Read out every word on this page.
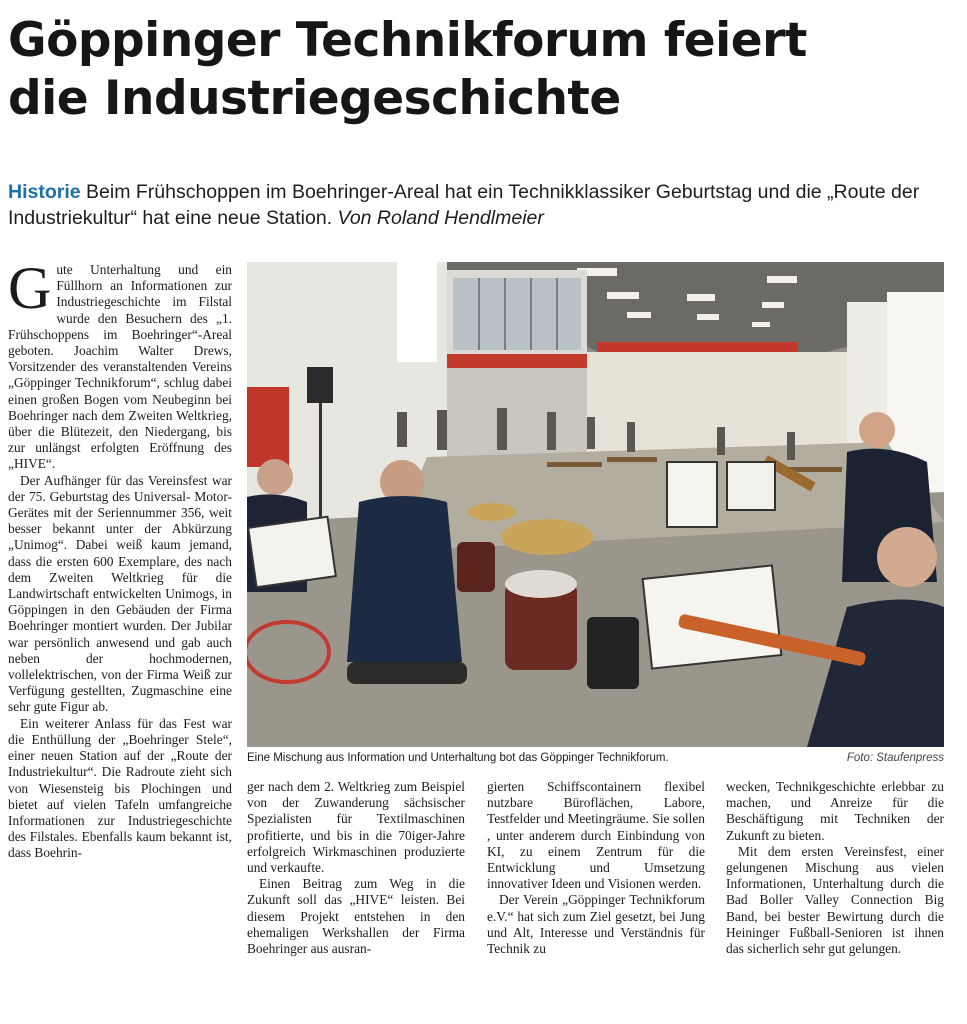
Göppinger Technikforum feiert
die Industriegeschichte
Historie Beim Frühschoppen im Boehringer-Areal hat ein Technikklassiker Geburtstag und die „Route der Industriekultur“ hat eine neue Station. Von Roland Hendlmeier

Gute Unterhaltung und ein Füllhorn an Informationen zur Industriegeschichte im Filstal wurde den Besuchern des „1. Frühschoppens im Boehringer“-Areal geboten. Joachim Walter Drews, Vorsitzender des veranstaltenden Vereins „Göppinger Technikforum“, schlug dabei einen großen Bogen vom Neubeginn bei Boehringer nach dem Zweiten Weltkrieg, über die Blütezeit, den Niedergang, bis zur unlängst erfolgten Eröffnung des „HIVE“.

Der Aufhänger für das Vereinsfest war der 75. Geburtstag des Universal- Motor-Gerätes mit der Seriennummer 356, weit besser bekannt unter der Abkürzung „Unimog“. Dabei weiß kaum jemand, dass die ersten 600 Exemplare, des nach dem Zweiten Weltkrieg für die Landwirtschaft entwickelten Unimogs, in Göppingen in den Gebäuden der Firma Boehringer montiert wurden. Der Jubilar war persönlich anwesend und gab auch neben der hochmodernen, vollelektrischen, von der Firma Weiß zur Verfügung gestellten, Zugmaschine eine sehr gute Figur ab.

Ein weiterer Anlass für das Fest war die Enthüllung der „Boehringer Stele“, einer neuen Station auf der „Route der Industriekultur“. Die Radroute zieht sich von Wiesensteig bis Plochingen und bietet auf vielen Tafeln umfangreiche Informationen zur Industriegeschichte des Filstales. Ebenfalls kaum bekannt ist, dass Boehrin-

Eine Mischung aus Information und Unterhaltung bot das Göppinger Technikforum.	Foto: Staufenpress

ger nach dem 2. Weltkrieg zum Beispiel von der Zuwanderung sächsischer Spezialisten für Textilmaschinen profitierte, und bis in die 70iger-Jahre erfolgreich Wirkmaschinen produzierte und verkaufte.

Einen Beitrag zum Weg in die Zukunft soll das „HIVE“ leisten. Bei diesem Projekt entstehen in den ehemaligen Werkshallen der Firma Boehringer aus ausran-

gierten Schiffscontainern flexibel nutzbare Büroflächen, Labore, Testfelder und Meetingräume. Sie sollen , unter anderem durch Einbindung von KI, zu einem Zentrum für die Entwicklung und Umsetzung innovativer Ideen und Visionen werden.

Der Verein „Göppinger Technikforum e.V.“ hat sich zum Ziel gesetzt, bei Jung und Alt, Interesse und Verständnis für Technik zu

wecken, Technikgeschichte erlebbar zu machen, und Anreize für die Beschäftigung mit Techniken der Zukunft zu bieten.

Mit dem ersten Vereinsfest, einer gelungenen Mischung aus vielen Informationen, Unterhaltung durch die Bad Boller Valley Connection Big Band, bei bester Bewirtung durch die Heininger Fußball-Senioren ist ihnen das sicherlich sehr gut gelungen.
